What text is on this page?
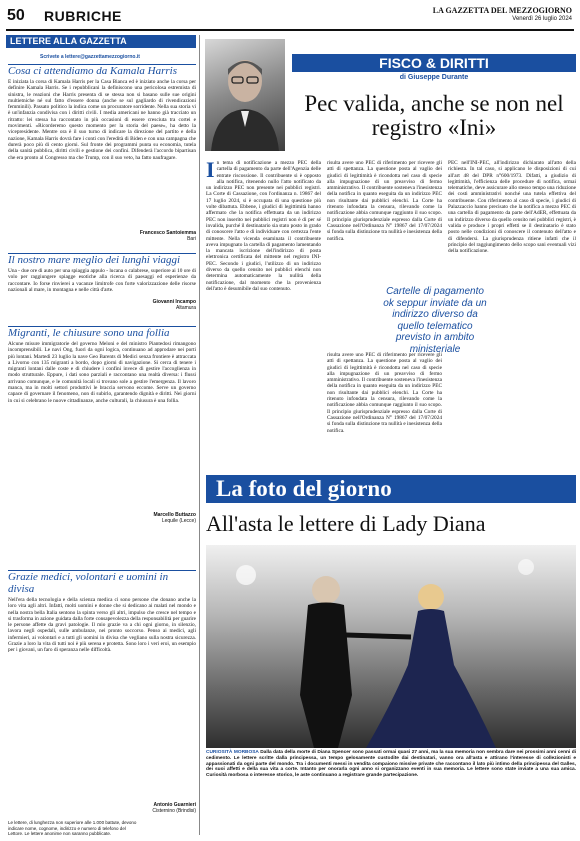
50 RUBRICHE	LA GAZZETTA DEL MEZZOGIORNO
Venerdì 26 luglio 2024
LETTERE ALLA GAZZETTA
Scrivete a lettere@gazzettamezzogiorno.it

Cosa ci attendiamo da Kamala Harris

È iniziata la corsa di Kamala Harris per la Casa Bianca ed è iniziato anche la corsa per definire Kamala Harris. Se i repubblicani la definiscono una pericolosa estremista di sinistra, le reazioni che Harris presenta di se stessa non si basano sulle sue origini multietniche né sul fatto d'essere donna (anche se sul gagliardo di rivendicazioni femminili). Passato politico la indica come un procuratore sorridente. Nella sua storia vi è un'infanzia condivisa con i diritti civili. I media americani ne hanno già tracciato un ritratto: lei stessa ha raccontato in più occasioni di essere cresciuta tra cortei e movimenti. «Ricorderemo questo momento per la storia del paese», ha detto la vicepresidente. Mentre ora è il suo turno di indicare la direzione del partito e della nazione, Kamala Harris dovrà fare i conti con l'eredità di Biden e con una campagna che durerà poco più di cento giorni. Sul fronte dei programmi punta su economia, tutela della sanità pubblica, diritti civili e gestione dei confini. Difenderà l'accordo bipartisan che era pronto al Congresso ma che Trump, con il suo veto, ha fatto naufragare.

Francesco Santoiemma

Bari

Il nostro mare meglio dei lunghi viaggi

Una - due ore di auto per una spiaggia appulo - lucana o calabrese, superiore ai 10 ore di volo per raggiungere spiagge esotiche alla ricerca di paesaggi ed esperienze da raccontare. Io forse rinvierei a vacanze limitrofe con forte valorizzazione delle risorse nazionali al mare, in montagna e nelle città d'arte.

Giovanni Incampo

Altamura

Migranti, le chiusure sono una follia

Alcune misure immigratorie del governo Meloni e del ministro Piantedosi rimangono incomprensibili. Le navi Ong, fuori da ogni logica, continuano ad approdare nei porti più lontani. Martedì 23 luglio la nave Geo Barents di Medici senza frontiere è attraccata a Livorno con 135 migranti a bordo, dopo giorni di navigazione. Si cerca di tenere i migranti lontani dalle coste e di chiudere i confini invece di gestire l'accoglienza in modo strutturale. Eppure, i dati sono parziali e raccontano una realtà diversa: i flussi arrivano comunque, e le comunità locali si trovano sole a gestire l'emergenza. Il lavoro manca, ma in molti settori produttivi le braccia servono eccome. Serve un governo capace di governare il fenomeno, non di subirlo, garantendo dignità e diritti. Nei giorni in cui si celebrano le nuove cittadinanze, anche culturali, la chiusura è una follia.

Marcello Buttazzo

Lequile (Lecce)

Grazie medici, volontari e uomini in divisa

Nell'era della tecnologia e della scienza medica ci sono persone che donano anche la loro vita agli altri. Infatti, molti uomini e donne che si dedicano ai malati nel mondo e nella nostra bella Italia sentono la spinta verso gli altri, impulso che cresce nel tempo e si trasforma in azione guidata dalla forte consapevolezza della responsabilità per guarire le persone affette da gravi patologie. Il mio grazie va a chi ogni giorno, in silenzio, lavora negli ospedali, sulle ambulanze, nei pronto soccorso. Penso ai medici, agli infermieri, ai volontari e a tutti gli uomini in divisa che vegliano sulla nostra sicurezza. Grazie a loro la vita di tutti noi è più serena e protetta. Sono loro i veri eroi, un esempio per i giovani, un faro di speranza nelle difficoltà.

Antonio Guarnieri

Cisternino (Brindisi)

Le lettere, di lunghezza non superiore alle 1.000 battute, devono indicare nome, cognome, indirizzo e numero di telefono del Lettore. Le lettere anonime non saranno pubblicate.
FISCO & DIRITTI
di Giuseppe Durante
Pec valida, anche se non nel registro «Ini»

In tema di notificazione a mezzo PEC della cartella di pagamento da parte dell'Agenzia delle entrate riscossione. Il contribuente si è opposto alla notifica, ritenendo nullo l'atto notificato da un indirizzo PEC non presente nei pubblici registri. La Corte di Cassazione, con l'ordinanza n. 19867 del 17 luglio 2024, si è occupata di una questione più volte dibattuta. Ebbene, i giudici di legittimità hanno affermato che la notifica effettuata da un indirizzo PEC non inserito nei pubblici registri non è di per sé invalida, purché il destinatario sia stato posto in grado di conoscere l'atto e di individuare con certezza l'ente mittente. Nella vicenda esaminata il contribuente aveva impugnato la cartella di pagamento lamentando la mancata iscrizione dell'indirizzo di posta elettronica certificata del mittente nel registro INI-PEC. Secondo i giudici, l'utilizzo di un indirizzo diverso da quello censito nei pubblici elenchi non determina automaticamente la nullità della notificazione, dal momento che la provenienza dell'atto è desumibile dal suo contenuto.

risulta avere uno PEC di riferimento per ricevere gli atti di spettanza. La questione posta al vaglio dei giudici di legittimità è ricondotta nel caso di specie alla impugnazione di un preavviso di fermo amministrativo. Il contribuente sosteneva l'inesistenza della notifica in quanto eseguita da un indirizzo PEC non risultante dai pubblici elenchi. La Corte ha ritenuto infondata la censura, rilevando come la notificazione abbia comunque raggiunto il suo scopo. Il principio giurisprudenziale espresso dalla Corte di Cassazione nell'Ordinanza N° 19867 del 17/07/2024 si fonda sulla distinzione tra nullità e inesistenza della notifica.

Cartelle di pagamento ok seppur inviate da un indirizzo diverso da quello telematico previsto in ambito ministeriale

risulta avere uno PEC di riferimento per ricevere gli atti di spettanza. La questione posta al vaglio dei giudici di legittimità è ricondotta nel caso di specie alla impugnazione di un preavviso di fermo amministrativo. Il contribuente sosteneva l'inesistenza della notifica in quanto eseguita da un indirizzo PEC non risultante dai pubblici elenchi. La Corte ha ritenuto infondata la censura, rilevando come la notificazione abbia comunque raggiunto il suo scopo. Il principio giurisprudenziale espresso dalla Corte di Cassazione nell'Ordinanza N° 19867 del 17/07/2024 si fonda sulla distinzione tra nullità e inesistenza della notifica.

PEC nell'INI-PEC, all'indirizzo dichiarato all'atto della richiesta. In tal caso, si applicano le disposizioni di cui all'art 48 del DPR n°600/1973. Difatti, a giudizio di legittimità, l'efficienza delle procedure di notifica, ormai telematiche, deve assicurare allo stesso tempo una riduzione dei costi amministrativi nonché una tutela effettiva del contribuente. Con riferimento al caso di specie, i giudici di Palazzaccio hanno precisato che la notifica a mezzo PEC di una cartella di pagamento da parte dell'AdER, effettuata da un indirizzo diverso da quello censito nei pubblici registri, è valida e produce i propri effetti se il destinatario è stato posto nelle condizioni di conoscere il contenuto dell'atto e di difendersi. La giurisprudenza ritiene infatti che il principio del raggiungimento dello scopo sani eventuali vizi della notificazione.

La foto del giorno
All'asta le lettere di Lady Diana
CURIOSITÀ MORBOSA Dalla data della morte di Diana Spencer sono passati ormai quasi 27 anni, ma la sua memoria non sembra dare nei prossimi anni cenni di cedimento. Le lettere scritte dalla principessa, un tempo gelosamente custodite dai destinatari, vanno ora all'asta e attirano l'interesse di collezionisti e appassionati da ogni parte del mondo. Tra i documenti messi in vendita compaiono missive private che raccontano il lato più intimo della principessa del Galles, dei suoi affetti e della sua vita a corte. Intanto per onorarla ogni anno si organizzano eventi in sua memoria. Le lettere sono state inviate a una sua amica. Curiosità morbosa o interesse storico, le aste continuano a registrare grande partecipazione.
